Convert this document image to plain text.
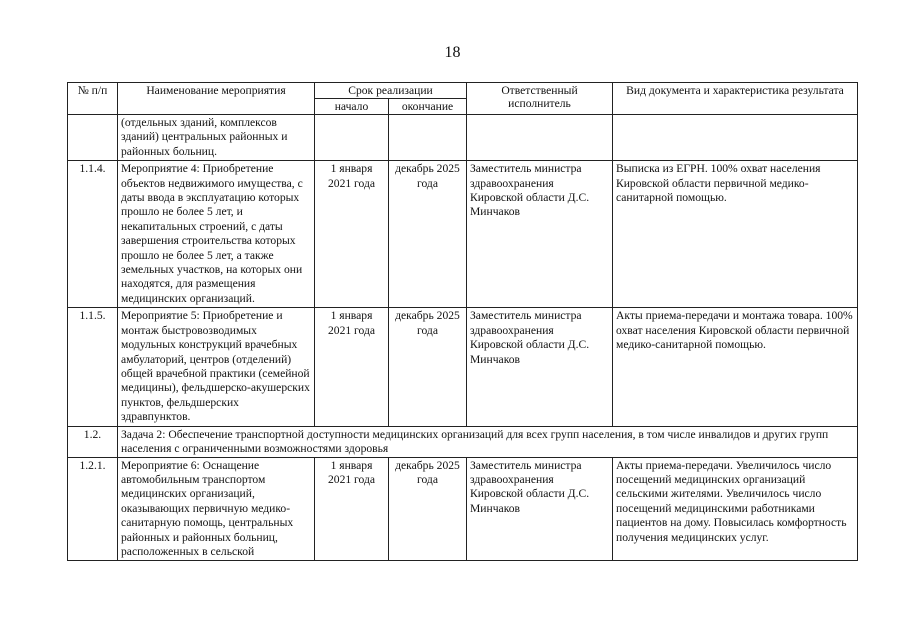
18
№ п/п	Наименование мероприятия	Срок реализации		Ответственный исполнитель	Вид документа и характеристика результата
		начало	окончание		
	(отдельных зданий, комплексов зданий) центральных районных и районных больниц.				
1.1.4.	Мероприятие 4: Приобретение объектов недвижимого имущества, с даты ввода в эксплуатацию которых прошло не более 5 лет, и некапитальных строений, с даты завершения строительства которых прошло не более 5 лет, а также земельных участков, на которых они находятся, для размещения медицинских организаций.	1 января 2021 года	декабрь 2025 года	Заместитель министра здравоохранения Кировской области Д.С. Минчаков	Выписка из ЕГРН. 100% охват населения Кировской области первичной медико-санитарной помощью.
1.1.5.	Мероприятие 5: Приобретение и монтаж быстровозводимых модульных конструкций врачебных амбулаторий, центров (отделений) общей врачебной практики (семейной медицины), фельдшерско-акушерских пунктов, фельдшерских здравпунктов.	1 января 2021 года	декабрь 2025 года	Заместитель министра здравоохранения Кировской области Д.С. Минчаков	Акты приема-передачи и монтажа товара. 100% охват населения Кировской области первичной медико-санитарной помощью.
1.2.	Задача 2: Обеспечение транспортной доступности медицинских организаций для всех групп населения, в том числе инвалидов и других групп населения с ограниченными возможностями здоровья				
1.2.1.	Мероприятие 6: Оснащение автомобильным транспортом медицинских организаций, оказывающих первичную медико-санитарную помощь, центральных районных и районных больниц, расположенных в сельской	1 января 2021 года	декабрь 2025 года	Заместитель министра здравоохранения Кировской области Д.С. Минчаков	Акты приема-передачи. Увеличилось число посещений медицинских организаций сельскими жителями. Увеличилось число посещений медицинскими работниками пациентов на дому. Повысилась комфортность получения медицинских услуг.
